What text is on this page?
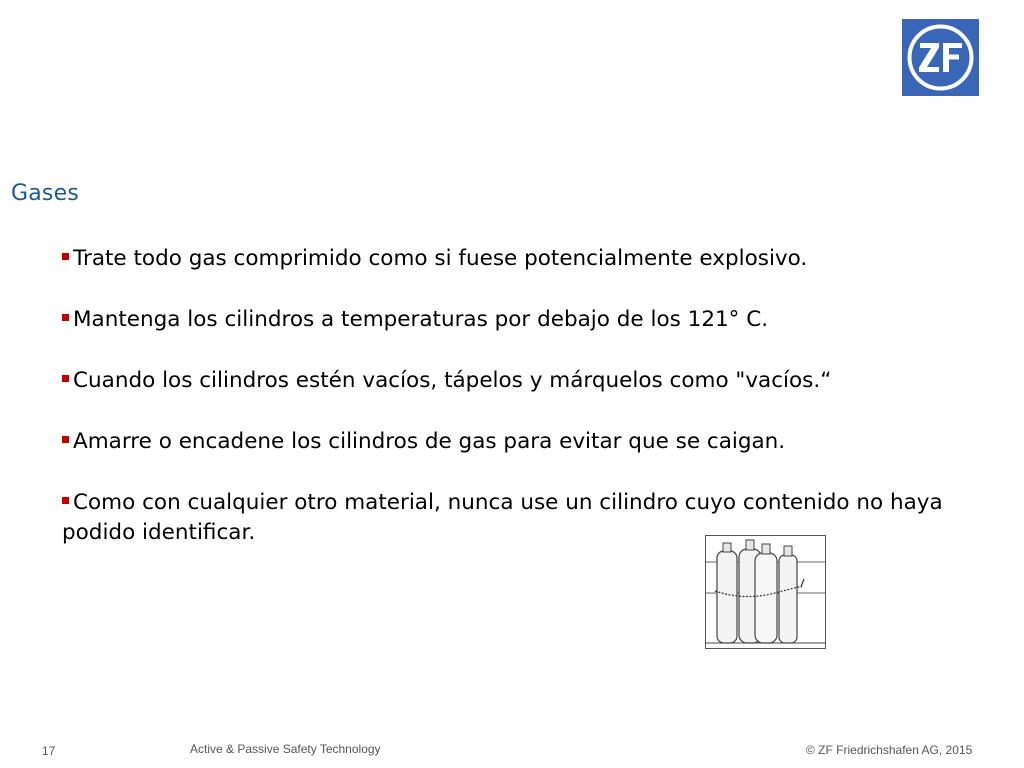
Gases
Trate todo gas comprimido como si fuese potencialmente explosivo.
Mantenga los cilindros a temperaturas por debajo de los 121° C.
Cuando los cilindros estén vacíos, tápelos y márquelos como "vacíos.“
Amarre o encadene los cilindros de gas para evitar que se caigan.
Como con cualquier otro material, nunca use un cilindro cuyo contenido no haya podido identificar.
17	Active & Passive Safety Technology	© ZF Friedrichshafen AG, 2015
